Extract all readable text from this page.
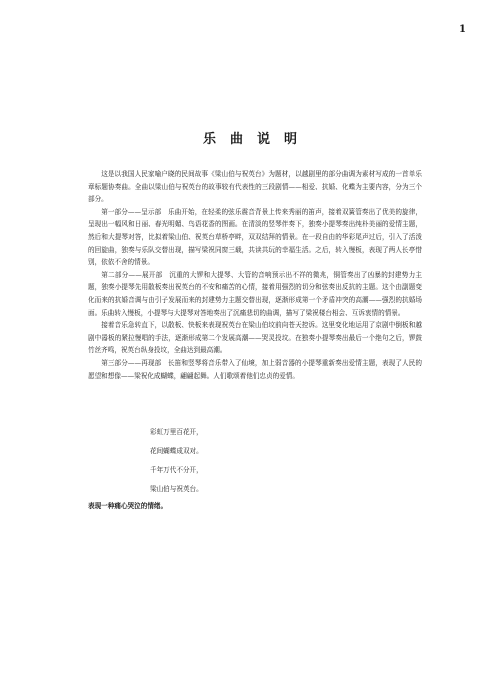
1
乐曲说明

这是以我国人民家喻户晓的民间故事《梁山伯与祝英台》为题材，以越剧里的部分曲调为素材写成的一首单乐章标题协奏曲。全曲以梁山伯与祝英台的故事较有代表性的三段剧情——相爱、抗婚、化蝶为主要内容，分为三个部分。

第一部分——呈示部　乐曲开始，在轻柔的弦乐震音背景上传来秀丽的笛声，接着双簧管奏出了优美的旋律，呈现出一幅风和日丽、春光明媚、鸟语花香的图画。在清淡的竖琴伴奏下，独奏小提琴奏出纯朴美丽的爱情主题，然后和大提琴对答，比拟着梁山伯、祝英台草桥亭畔，双双结拜的情景。在一段自由的华彩尾声过后，引入了活泼的回旋曲，独奏与乐队交替出现，描写梁祝同窗三载，共读共玩的幸福生活。之后，转入慢板，表现了两人长亭惜别，依依不舍的情景。

第二部分——展开部　沉重的大锣和大提琴、大管的音响预示出不祥的微兆，铜管奏出了凶暴的封建势力主题，独奏小提琴先用散板奏出祝英台的不安和痛苦的心情，接着用强烈的切分和弦奏出反抗的主题。这个由副题变化而来的抗婚音调与由引子发展而来的封建势力主题交替出现，逐渐形成第一个矛盾冲突的高潮——强烈的抗婚场面。乐曲转入慢板，小提琴与大提琴对答地奏出了沉痛悲切的曲调，描写了梁祝楼台相会、互诉衷情的情景。

接着音乐急转直下，以散板、快板来表现祝英台在梁山伯坟前向苍天控诉。这里变化地运用了京剧中倒板和越剧中嚣板的紧拉慢唱的手法，逐渐形成第二个发展高潮——哭灵投坟。在独奏小提琴奏出最后一个绝句之后，锣鼓竹丝齐鸣，祝英台纵身投坟，全曲达到最高潮。

第三部分——再现部　长笛和竖琴将音乐带入了仙境，加上弱音器的小提琴重新奏出爱情主题，表现了人民的愿望和想像——梁祝化成蝴蝶，翩翩起舞。人们歌颂着他们忠贞的爱情。

彩虹万里百花开，
花间蝴蝶成双对。
千年万代不分开，
梁山伯与祝英台。
表现一种痛心哭泣的情绪。
